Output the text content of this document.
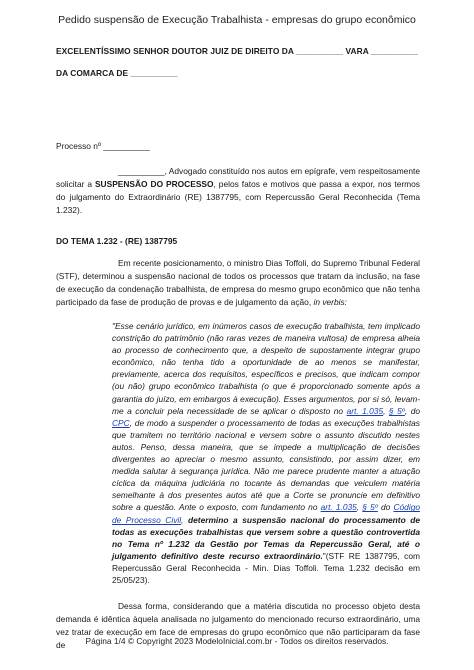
Pedido suspensão de Execução Trabalhista - empresas do grupo econômico
EXCELENTÍSSIMO SENHOR DOUTOR JUIZ DE DIREITO DA __________ VARA __________
DA COMARCA DE __________
Processo nº __________
__________, Advogado constituído nos autos em epígrafe, vem respeitosamente solicitar a SUSPENSÃO DO PROCESSO, pelos fatos e motivos que passa a expor, nos termos do julgamento do Extraordinário (RE) 1387795, com Repercussão Geral Reconhecida (Tema 1.232).
DO TEMA 1.232 - (RE) 1387795
Em recente posicionamento, o ministro Dias Toffoli, do Supremo Tribunal Federal (STF), determinou a suspensão nacional de todos os processos que tratam da inclusão, na fase de execução da condenação trabalhista, de empresa do mesmo grupo econômico que não tenha participado da fase de produção de provas e de julgamento da ação, in verbis:
"Esse cenário jurídico, em inúmeros casos de execução trabalhista, tem implicado constrição do patrimônio (não raras vezes de maneira vultosa) de empresa alheia ao processo de conhecimento que, a despeito de supostamente integrar grupo econômico, não tenha tido a oportunidade de ao menos se manifestar, previamente, acerca dos requisitos, específicos e precisos, que indicam compor (ou não) grupo econômico trabalhista (o que é proporcionado somente após a garantia do juízo, em embargos à execução). Esses argumentos, por si só, levam-me a concluir pela necessidade de se aplicar o disposto no art. 1.035, § 5º, do CPC, de modo a suspender o processamento de todas as execuções trabalhistas que tramitem no território nacional e versem sobre o assunto discutido nestes autos. Penso, dessa maneira, que se impede a multiplicação de decisões divergentes ao apreciar o mesmo assunto, consistindo, por assim dizer, em medida salutar à segurança jurídica. Não me parece prudente manter a atuação cíclica da máquina judiciária no tocante às demandas que veiculem matéria semelhante à dos presentes autos até que a Corte se pronuncie em definitivo sobre a questão. Ante o exposto, com fundamento no art. 1.035, § 5º do Código de Processo Civil, determino a suspensão nacional do processamento de todas as execuções trabalhistas que versem sobre a questão controvertida no Tema nº 1.232 da Gestão por Temas da Repercussão Geral, até o julgamento definitivo deste recurso extraordinário."(STF RE 1387795, com Repercussão Geral Reconhecida - Min. Dias Toffoli. Tema 1.232 decisão em 25/05/23).
Dessa forma, considerando que a matéria discutida no processo objeto desta demanda é idêntica àquela analisada no julgamento do mencionado recurso extraordinário, uma vez tratar de execução em face de empresas do grupo econômico que não participaram da fase de	Página 1/4 © Copyright 2023 ModeloInicial.com.br - Todos os direitos reservados.
